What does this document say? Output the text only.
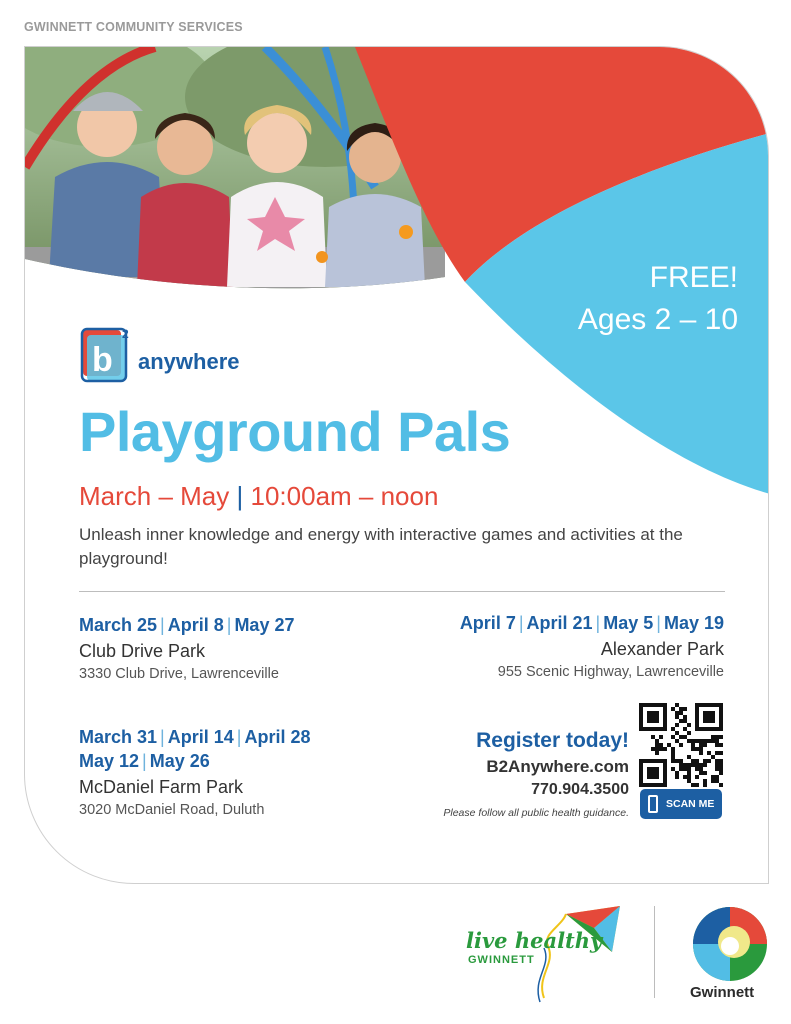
GWINNETT COMMUNITY SERVICES
FREE!
Ages 2 – 10
b
2
anywhere
Playground Pals
March – May | 10:00am – noon
Unleash inner knowledge and energy with interactive games and activities at the playground!
March 25 | April 8 | May 27
Club Drive Park
3330 Club Drive, Lawrenceville
April 7 | April 21 | May 5 | May 19
Alexander Park
955 Scenic Highway, Lawrenceville
March 31 | April 14 | April 28
May 12 | May 26
McDaniel Farm Park
3020 McDaniel Road, Duluth
Register today!
B2Anywhere.com
770.904.3500
Please follow all public health guidance.
SCAN ME
live healthy
GWINNETT
Gwinnett
